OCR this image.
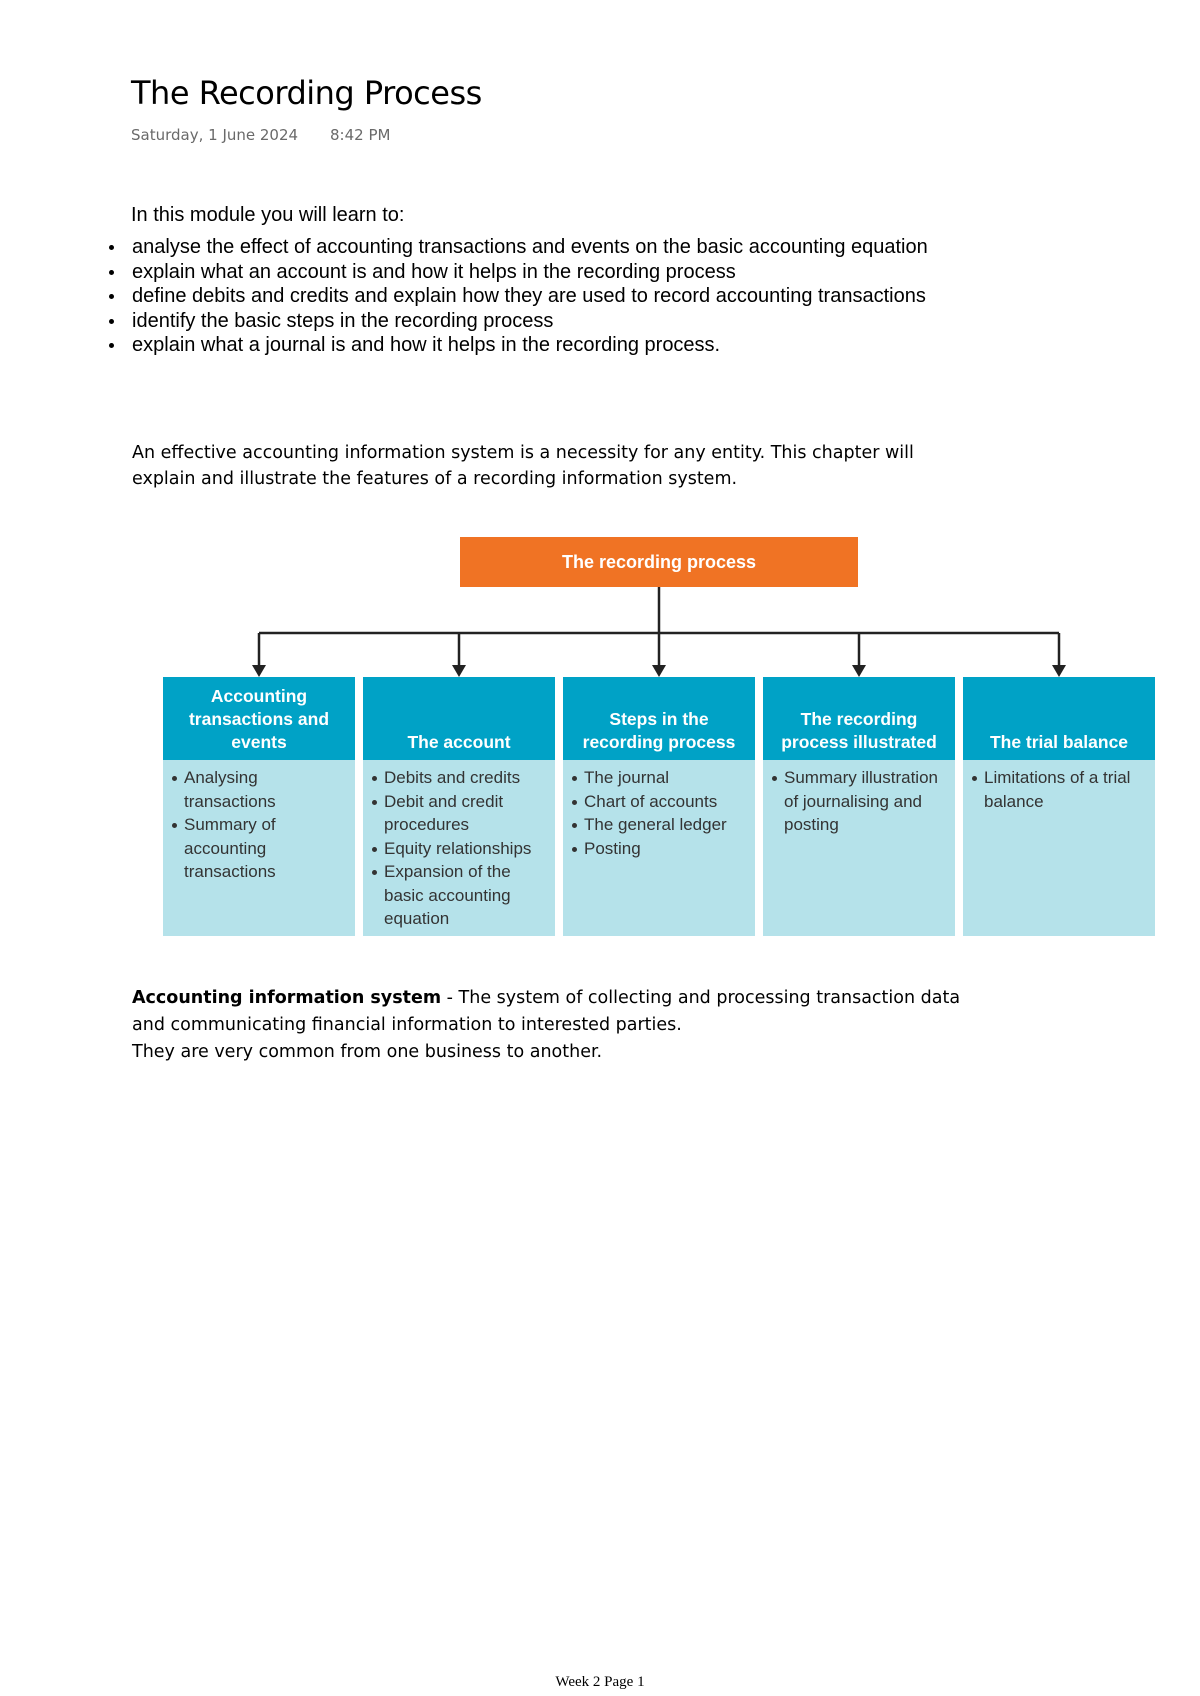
The Recording Process
Saturday, 1 June 2024 8:42 PM
In this module you will learn to:
analyse the effect of accounting transactions and events on the basic accounting equation
explain what an account is and how it helps in the recording process
define debits and credits and explain how they are used to record accounting transactions
identify the basic steps in the recording process
explain what a journal is and how it helps in the recording process.
An effective accounting information system is a necessity for any entity. This chapter will explain and illustrate the features of a recording information system.
The recording process
Accounting transactions and events
Analysing transactions
Summary of accounting transactions
The account
Debits and credits
Debit and credit procedures
Equity relationships
Expansion of the basic accounting equation
Steps in the recording process
The journal
Chart of accounts
The general ledger
Posting
The recording process illustrated
Summary illustration of journalising and posting
The trial balance
Limitations of a trial balance
Accounting information system - The system of collecting and processing transaction data and communicating financial information to interested parties.
They are very common from one business to another.
Week 2 Page 1
